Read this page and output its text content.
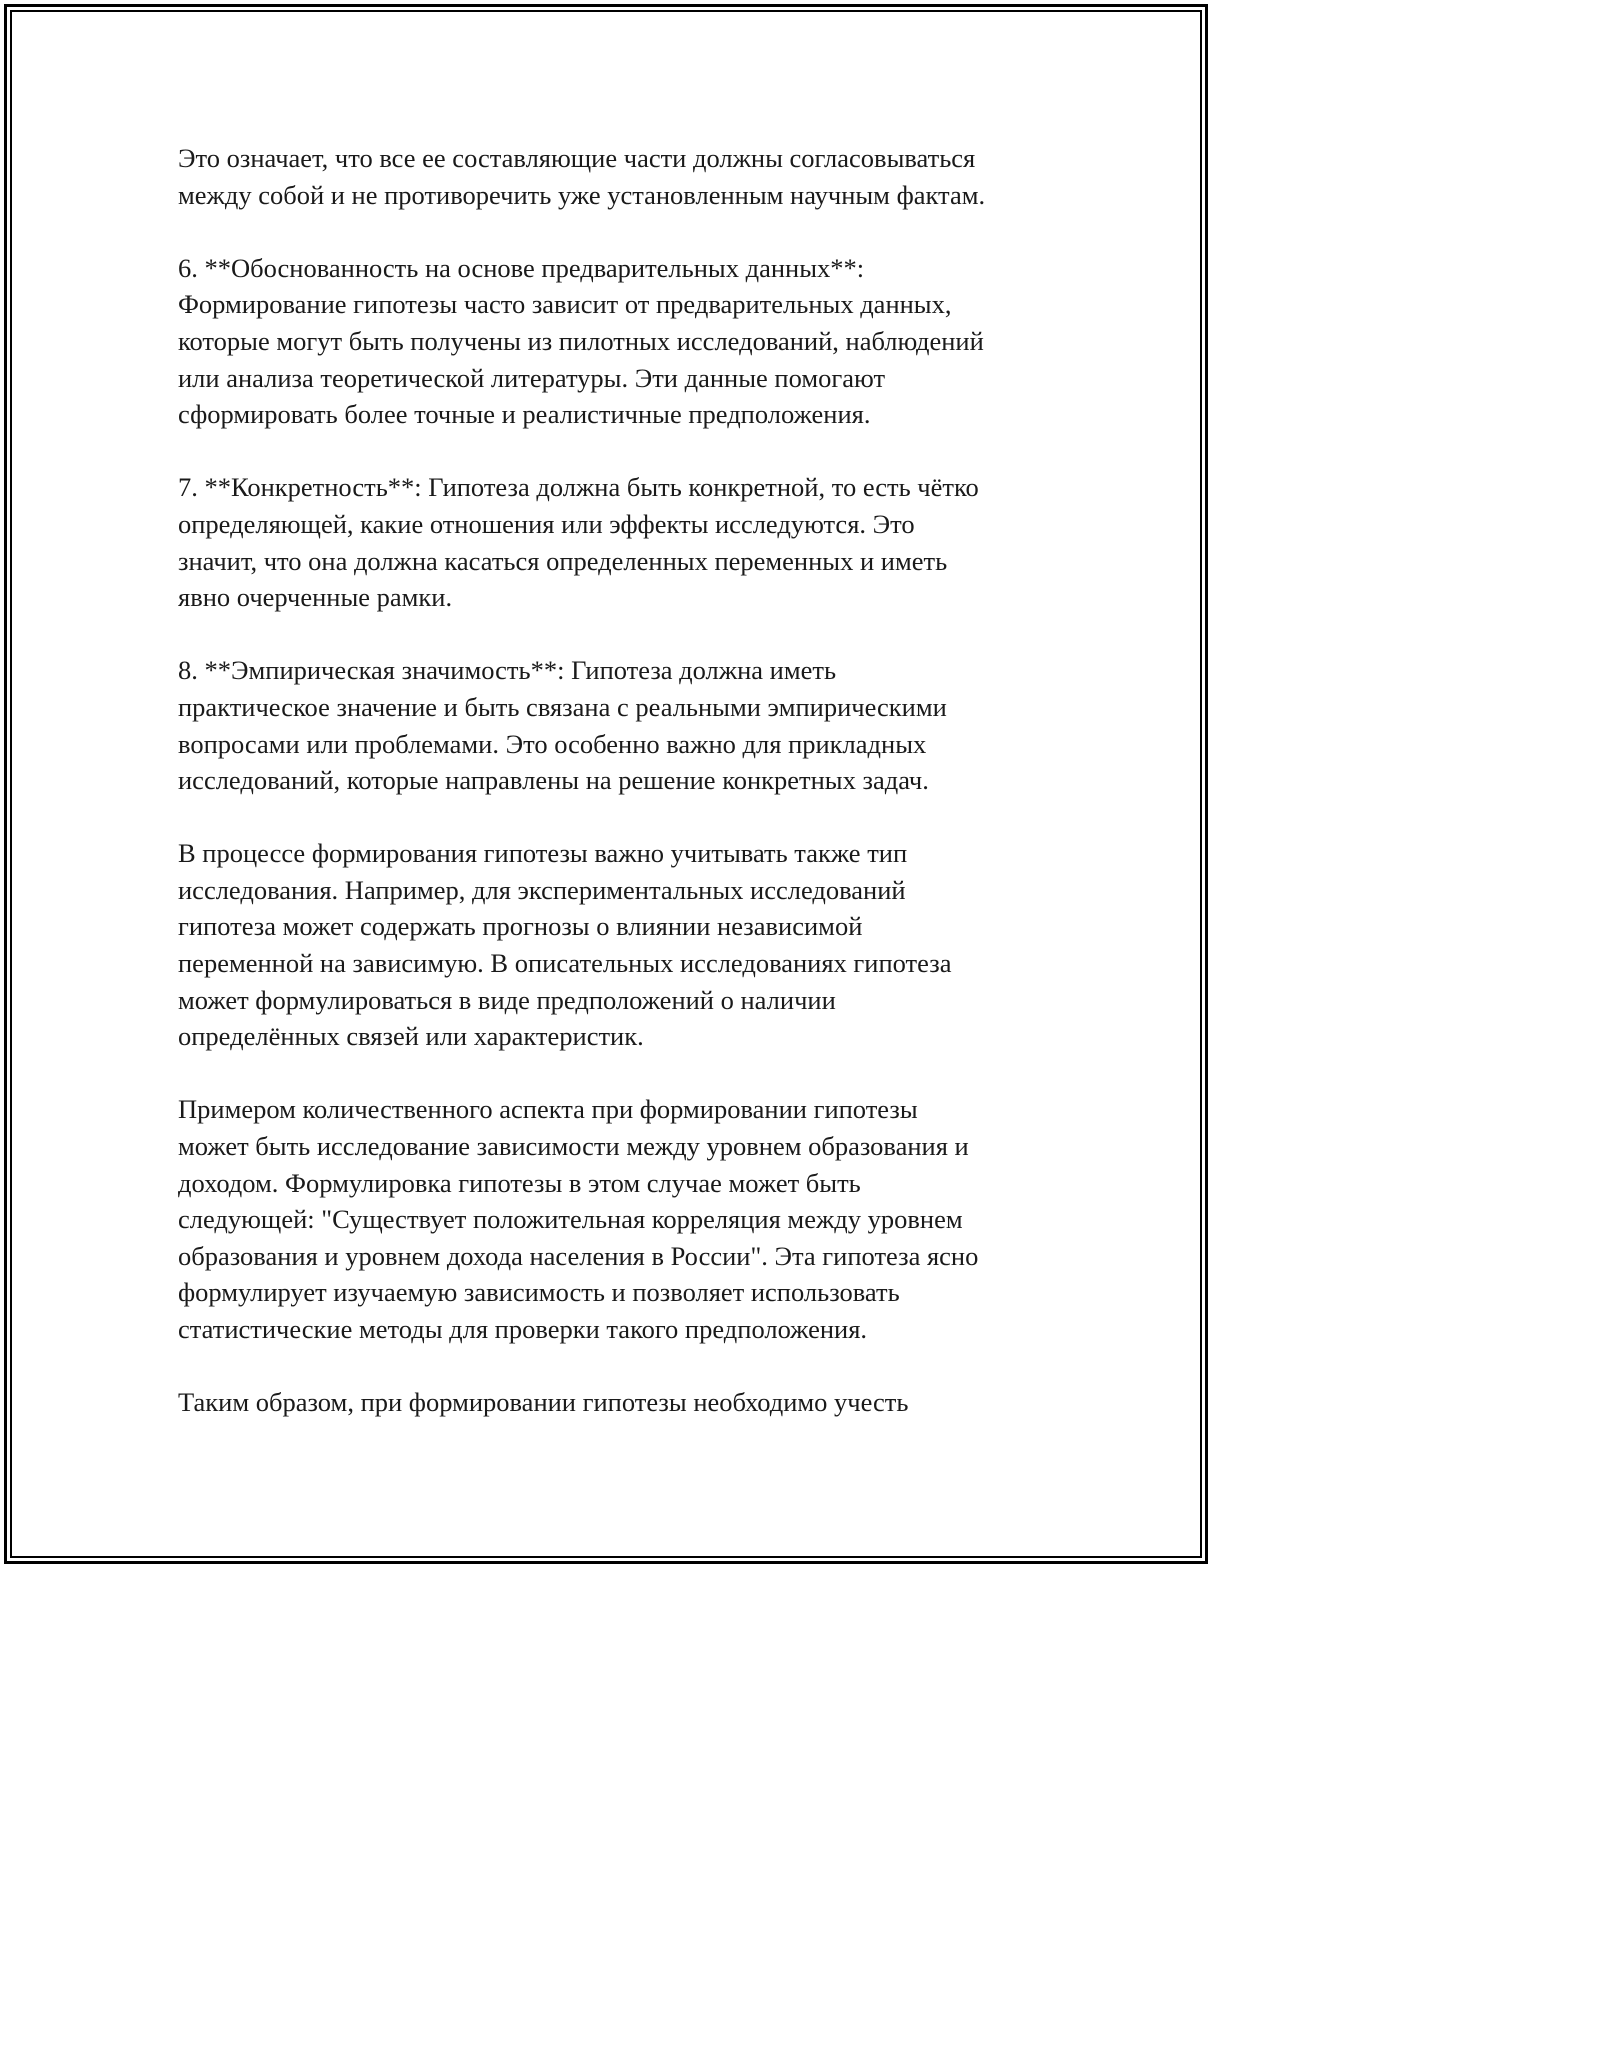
Это означает, что все ее составляющие части должны согласовываться
между собой и не противоречить уже установленным научным фактам.

6. **Обоснованность на основе предварительных данных**:
Формирование гипотезы часто зависит от предварительных данных,
которые могут быть получены из пилотных исследований, наблюдений
или анализа теоретической литературы. Эти данные помогают
сформировать более точные и реалистичные предположения.

7. **Конкретность**: Гипотеза должна быть конкретной, то есть чётко
определяющей, какие отношения или эффекты исследуются. Это
значит, что она должна касаться определенных переменных и иметь
явно очерченные рамки.

8. **Эмпирическая значимость**: Гипотеза должна иметь
практическое значение и быть связана с реальными эмпирическими
вопросами или проблемами. Это особенно важно для прикладных
исследований, которые направлены на решение конкретных задач.

В процессе формирования гипотезы важно учитывать также тип
исследования. Например, для экспериментальных исследований
гипотеза может содержать прогнозы о влиянии независимой
переменной на зависимую. В описательных исследованиях гипотеза
может формулироваться в виде предположений о наличии
определённых связей или характеристик.

Примером количественного аспекта при формировании гипотезы
может быть исследование зависимости между уровнем образования и
доходом. Формулировка гипотезы в этом случае может быть
следующей: "Существует положительная корреляция между уровнем
образования и уровнем дохода населения в России". Эта гипотеза ясно
формулирует изучаемую зависимость и позволяет использовать
статистические методы для проверки такого предположения.

Таким образом, при формировании гипотезы необходимо учесть
